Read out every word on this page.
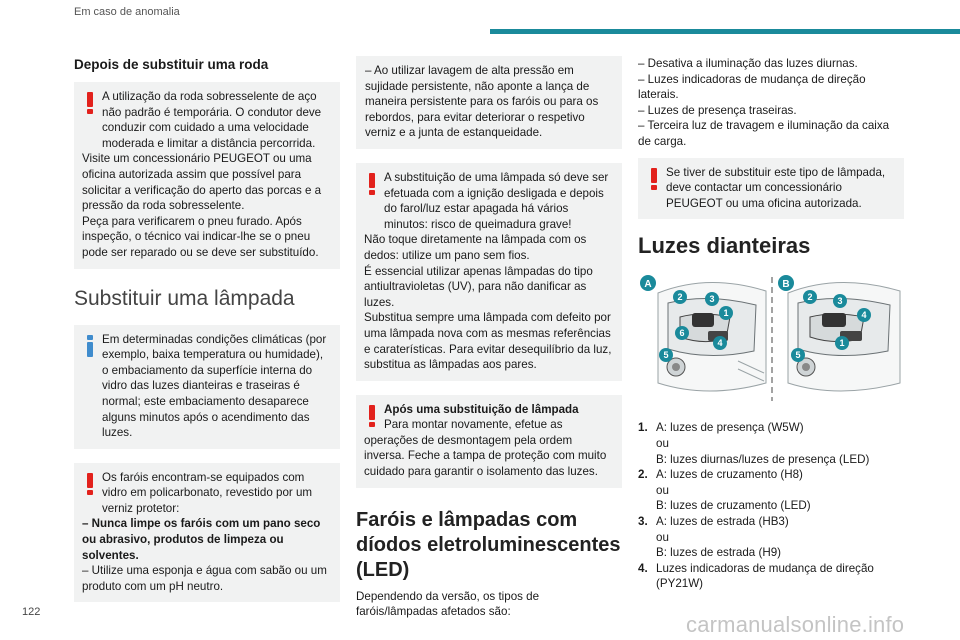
Em caso de anomalia
122	carmanualsonline.info
Depois de substituir uma roda

A utilização da roda sobresselente de aço não padrão é temporária. O condutor deve conduzir com cuidado a uma velocidade moderada e limitar a distância percorrida.

Visite um concessionário PEUGEOT ou uma oficina autorizada assim que possível para solicitar a verificação do aperto das porcas e a pressão da roda sobresselente.

Peça para verificarem o pneu furado. Após inspeção, o técnico vai indicar-lhe se o pneu pode ser reparado ou se deve ser substituído.

Substituir uma lâmpada

Em determinadas condições climáticas (por exemplo, baixa temperatura ou humidade), o embaciamento da superfície interna do vidro das luzes dianteiras e traseiras é normal; este embaciamento desaparece alguns minutos após o acendimento das luzes.

Os faróis encontram-se equipados com vidro em policarbonato, revestido por um verniz protetor:

– Nunca limpe os faróis com um pano seco ou abrasivo, produtos de limpeza ou solventes.

– Utilize uma esponja e água com sabão ou um produto com um pH neutro.

– Ao utilizar lavagem de alta pressão em sujidade persistente, não aponte a lança de maneira persistente para os faróis ou para os rebordos, para evitar deteriorar o respetivo verniz e a junta de estanqueidade.

A substituição de uma lâmpada só deve ser efetuada com a ignição desligada e depois do farol/luz estar apagada há vários minutos: risco de queimadura grave!

Não toque diretamente na lâmpada com os dedos: utilize um pano sem fios.

É essencial utilizar apenas lâmpadas do tipo antiultravioletas (UV), para não danificar as luzes.

Substitua sempre uma lâmpada com defeito por uma lâmpada nova com as mesmas referências e caraterísticas. Para evitar desequilíbrio da luz, substitua as lâmpadas aos pares.

Após uma substituição de lâmpada

Para montar novamente, efetue as operações de desmontagem pela ordem inversa. Feche a tampa de proteção com muito cuidado para garantir o isolamento das luzes.

Faróis e lâmpadas com díodos eletroluminescentes (LED)
Dependendo da versão, os tipos de faróis/lâmpadas afetados são:
– Desativa a iluminação das luzes diurnas.
– Luzes indicadoras de mudança de direção laterais.
– Luzes de presença traseiras.
– Terceira luz de travagem e iluminação da caixa de carga.

Se tiver de substituir este tipo de lâmpada, deve contactar um concessionário PEUGEOT ou uma oficina autorizada.

Luzes dianteiras
A	B
2	3
1
6
4
5
2	3
4
1
5
1. A: luzes de presença (W5W)
ou
B: luzes diurnas/luzes de presença (LED)
2. A: luzes de cruzamento (H8)
ou
B: luzes de cruzamento (LED)
3. A: luzes de estrada (HB3)
ou
B: luzes de estrada (H9)
4. Luzes indicadoras de mudança de direção (PY21W)
